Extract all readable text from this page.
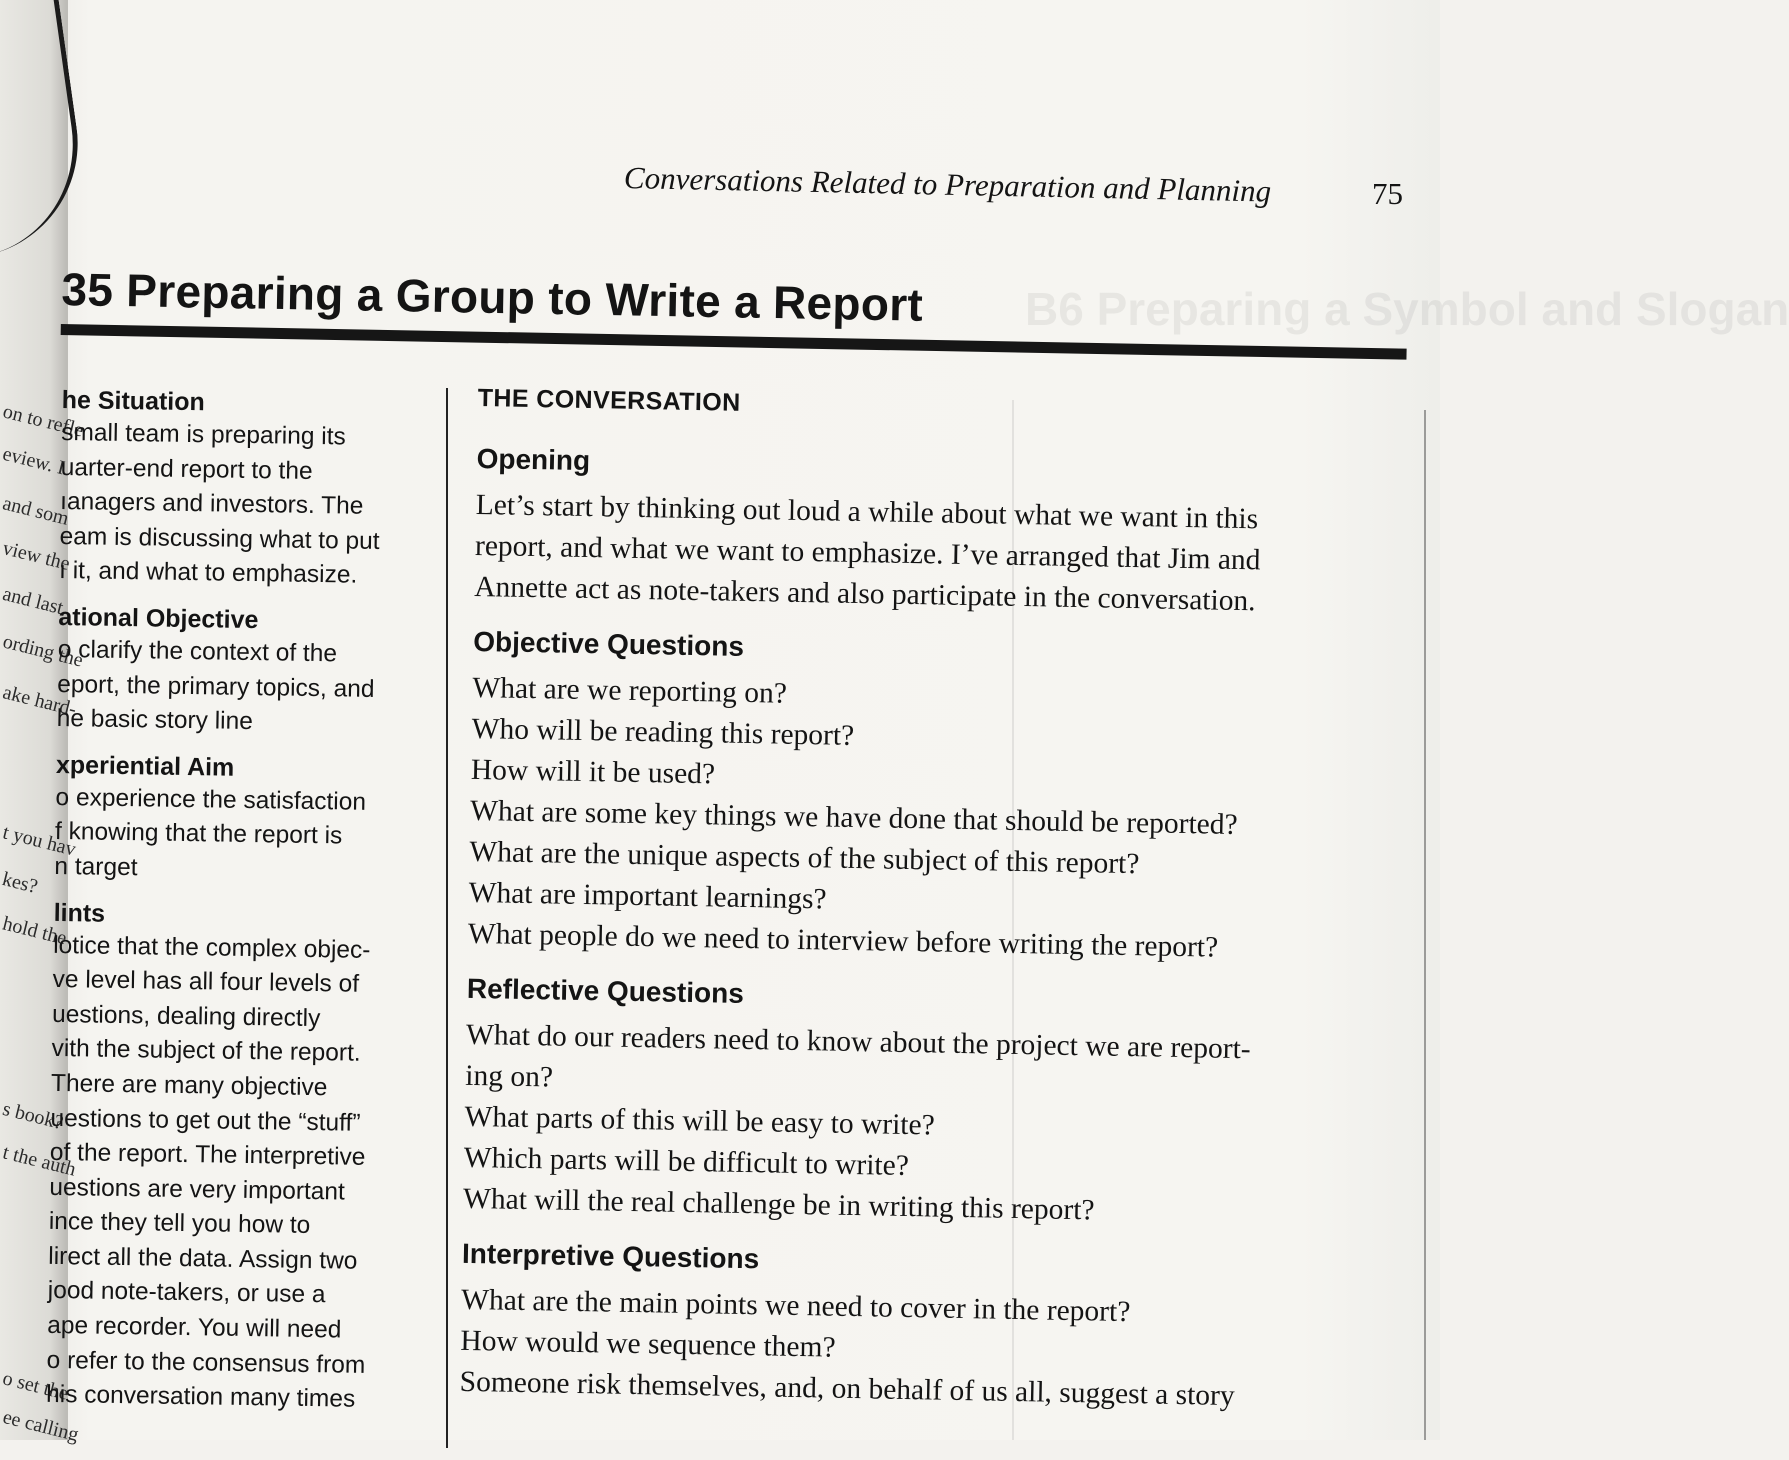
on to refle
eview. I
and som
view the
and last
ording the
ake hard-
t you hav
kes?
hold the
s book?
t the auth
o set the
ee calling
Conversations Related to Preparation and Planning	75
B6 Preparing a Symbol and Slogan
35 Preparing a Group to Write a Report
he Situation

small team is preparing its
uarter-end report to the
ıanagers and investors. The
eam is discussing what to put
ı it, and what to emphasize.

ational Objective

o clarify the context of the
eport, the primary topics, and
he basic story line

xperiential Aim

o experience the satisfaction
f knowing that the report is
n target

lints

lotice that the complex objec-
ve level has all four levels of
uestions, dealing directly
vith the subject of the report.
There are many objective
uestions to get out the “stuff”
of the report. The interpretive
uestions are very important
ince they tell you how to
lirect all the data. Assign two
jood note-takers, or use a
ape recorder. You will need
o refer to the consensus from
his conversation many times

THE CONVERSATION
Opening
Let’s start by thinking out loud a while about what we want in this
report, and what we want to emphasize. I’ve arranged that Jim and
Annette act as note-takers and also participate in the conversation.
Objective Questions
What are we reporting on?
Who will be reading this report?
How will it be used?
What are some key things we have done that should be reported?
What are the unique aspects of the subject of this report?
What are important learnings?
What people do we need to interview before writing the report?
Reflective Questions
What do our readers need to know about the project we are report-
ing on?
What parts of this will be easy to write?
Which parts will be difficult to write?
What will the real challenge be in writing this report?
Interpretive Questions
What are the main points we need to cover in the report?
How would we sequence them?
Someone risk themselves, and, on behalf of us all, suggest a story
